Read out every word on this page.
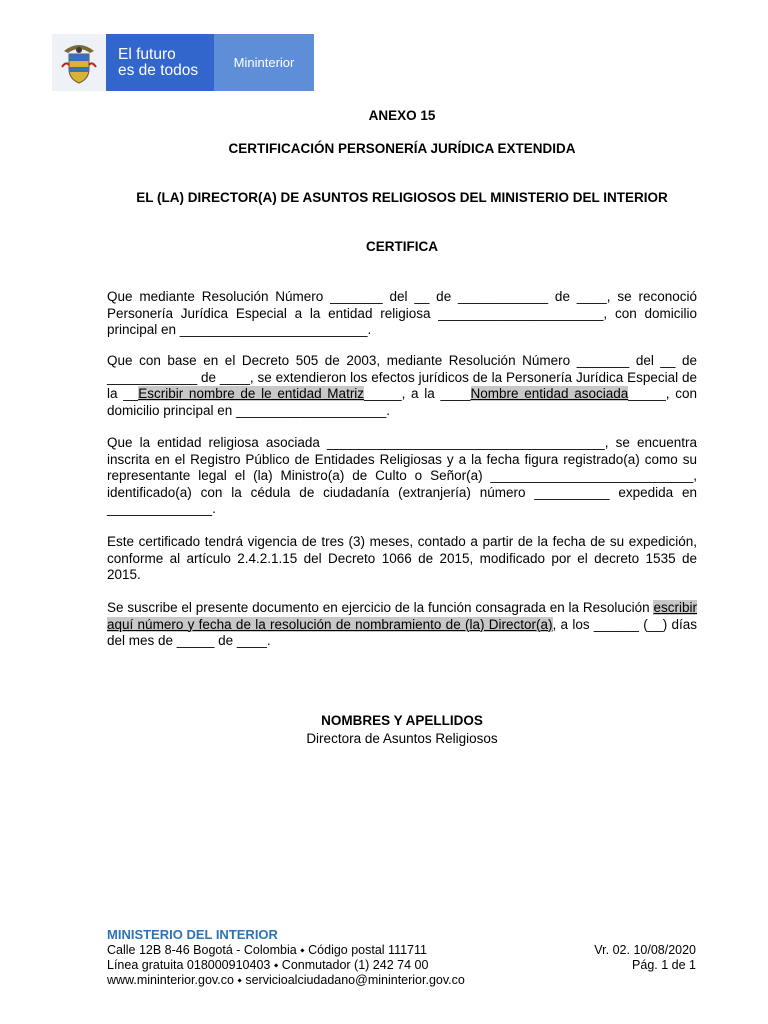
El futuro
es de todos	Mininterior
ANEXO 15
CERTIFICACIÓN PERSONERÍA JURÍDICA EXTENDIDA
EL (LA) DIRECTOR(A) DE ASUNTOS RELIGIOSOS DEL MINISTERIO DEL INTERIOR
CERTIFICA
Que mediante Resolución Número _______ del __ de ____________ de ____, se reconoció Personería Jurídica Especial a la entidad religiosa ______________________, con domicilio principal en _________________________.
Que con base en el Decreto 505 de 2003, mediante Resolución Número _______ del __ de ____________ de ____, se extendieron los efectos jurídicos de la Personería Jurídica Especial de la __Escribir nombre de le entidad Matriz_____, a la ____Nombre entidad asociada_____, con domicilio principal en ____________________.
Que la entidad religiosa asociada _____________________________________, se encuentra inscrita en el Registro Público de Entidades Religiosas y a la fecha figura registrado(a) como su representante legal el (la) Ministro(a) de Culto o Señor(a) ___________________________, identificado(a) con la cédula de ciudadanía (extranjería) número __________ expedida en ______________.
Este certificado tendrá vigencia de tres (3) meses, contado a partir de la fecha de su expedición, conforme al artículo 2.4.2.1.15 del Decreto 1066 de 2015, modificado por el decreto 1535 de 2015.
Se suscribe el presente documento en ejercicio de la función consagrada en la Resolución escribir aquí número y fecha de la resolución de nombramiento de (la) Director(a), a los ______ (__) días del mes de _____ de ____.
NOMBRES Y APELLIDOS
Directora de Asuntos Religiosos
MINISTERIO DEL INTERIOR
Calle 12B 8-46 Bogotá - Colombia ⬩ Código postal 111711
Línea gratuita 018000910403 ⬩ Conmutador (1) 242 74 00
www.mininterior.gov.co ⬩ servicioalciudadano@mininterior.gov.co
Vr. 02. 10/08/2020
Pág. 1 de 1
